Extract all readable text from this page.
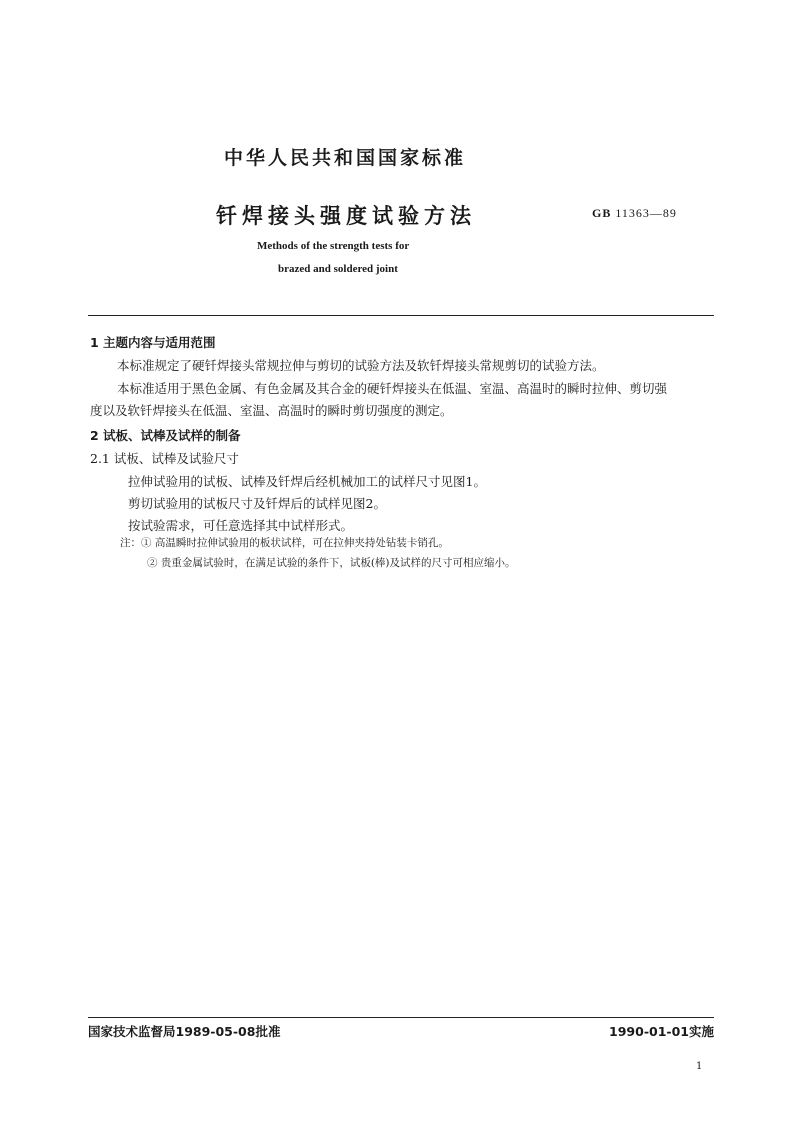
中华人民共和国国家标准
钎焊接头强度试验方法	GB 11363—89
Methods of the strength tests for
brazed and soldered joint
1 主题内容与适用范围
本标准规定了硬钎焊接头常规拉伸与剪切的试验方法及软钎焊接头常规剪切的试验方法。
本标准适用于黑色金属、有色金属及其合金的硬钎焊接头在低温、室温、高温时的瞬时拉伸、剪切强
度以及软钎焊接头在低温、室温、高温时的瞬时剪切强度的测定。
2 试板、试棒及试样的制备
2.1 试板、试棒及试验尺寸
拉伸试验用的试板、试棒及钎焊后经机械加工的试样尺寸见图1。
剪切试验用的试板尺寸及钎焊后的试样见图2。
按试验需求，可任意选择其中试样形式。
注：① 高温瞬时拉伸试验用的板状试样，可在拉伸夹持处钻装卡销孔。
② 贵重金属试验时，在满足试验的条件下，试板(棒)及试样的尺寸可相应缩小。
国家技术监督局1989-05-08批准	1990-01-01实施
1
